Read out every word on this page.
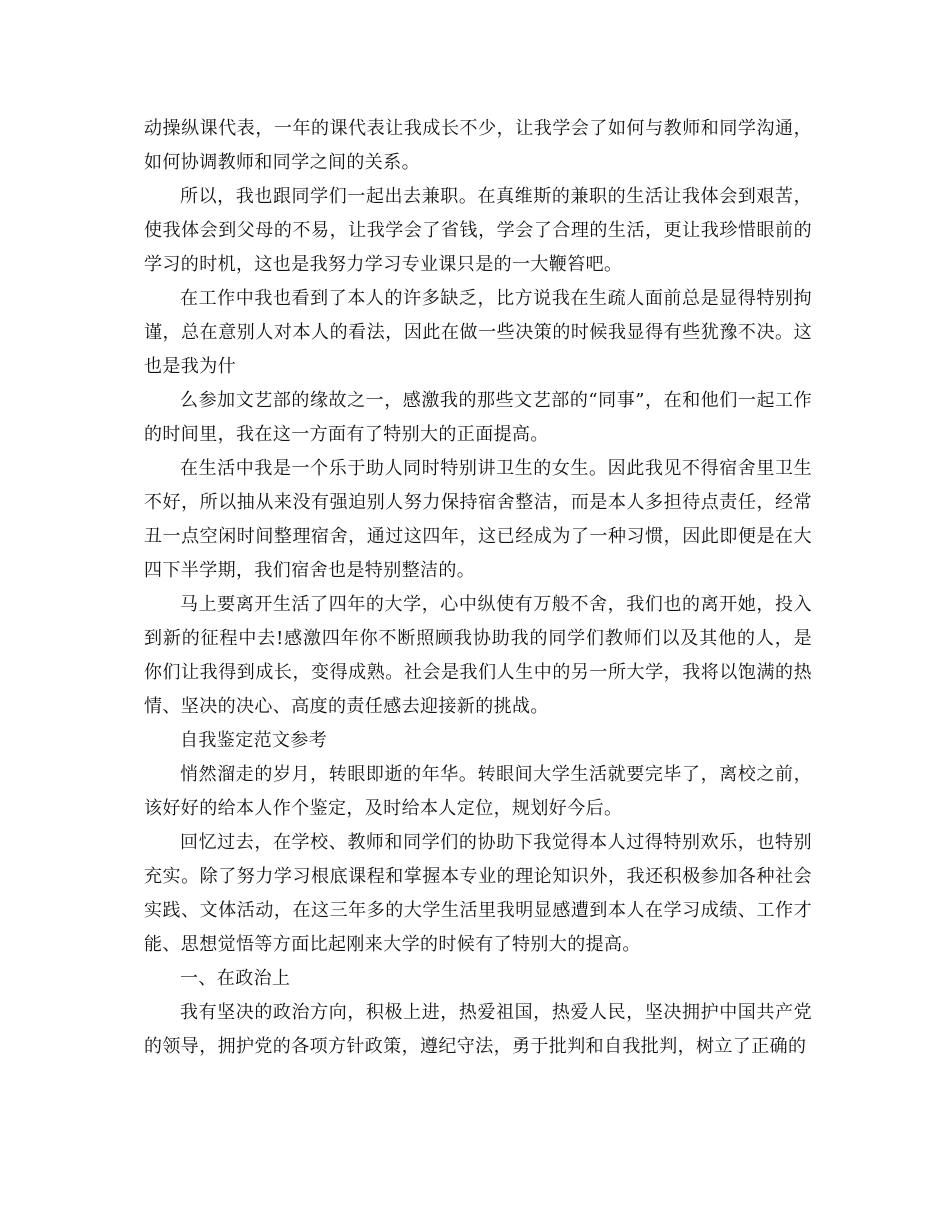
动操纵课代表，一年的课代表让我成长不少，让我学会了如何与教师和同学沟通，如何协调教师和同学之间的关系。

所以，我也跟同学们一起出去兼职。在真维斯的兼职的生活让我体会到艰苦，使我体会到父母的不易，让我学会了省钱，学会了合理的生活，更让我珍惜眼前的学习的时机，这也是我努力学习专业课只是的一大鞭笞吧。

在工作中我也看到了本人的许多缺乏，比方说我在生疏人面前总是显得特别拘谨，总在意别人对本人的看法，因此在做一些决策的时候我显得有些犹豫不决。这也是我为什

么参加文艺部的缘故之一，感激我的那些文艺部的“同事”，在和他们一起工作的时间里，我在这一方面有了特别大的正面提高。

在生活中我是一个乐于助人同时特别讲卫生的女生。因此我见不得宿舍里卫生不好，所以抽从来没有强迫别人努力保持宿舍整洁，而是本人多担待点责任，经常丑一点空闲时间整理宿舍，通过这四年，这已经成为了一种习惯，因此即便是在大四下半学期，我们宿舍也是特别整洁的。

马上要离开生活了四年的大学，心中纵使有万般不舍，我们也的离开她，投入到新的征程中去!感激四年你不断照顾我协助我的同学们教师们以及其他的人，是你们让我得到成长，变得成熟。社会是我们人生中的另一所大学，我将以饱满的热情、坚决的决心、高度的责任感去迎接新的挑战。

自我鉴定范文参考

悄然溜走的岁月，转眼即逝的年华。转眼间大学生活就要完毕了，离校之前，该好好的给本人作个鉴定，及时给本人定位，规划好今后。

回忆过去，在学校、教师和同学们的协助下我觉得本人过得特别欢乐，也特别充实。除了努力学习根底课程和掌握本专业的理论知识外，我还积极参加各种社会实践、文体活动，在这三年多的大学生活里我明显感遭到本人在学习成绩、工作才能、思想觉悟等方面比起刚来大学的时候有了特别大的提高。

一、在政治上

我有坚决的政治方向，积极上进，热爱祖国，热爱人民，坚决拥护中国共产党的领导，拥护党的各项方针政策，遵纪守法，勇于批判和自我批判，树立了正确的
